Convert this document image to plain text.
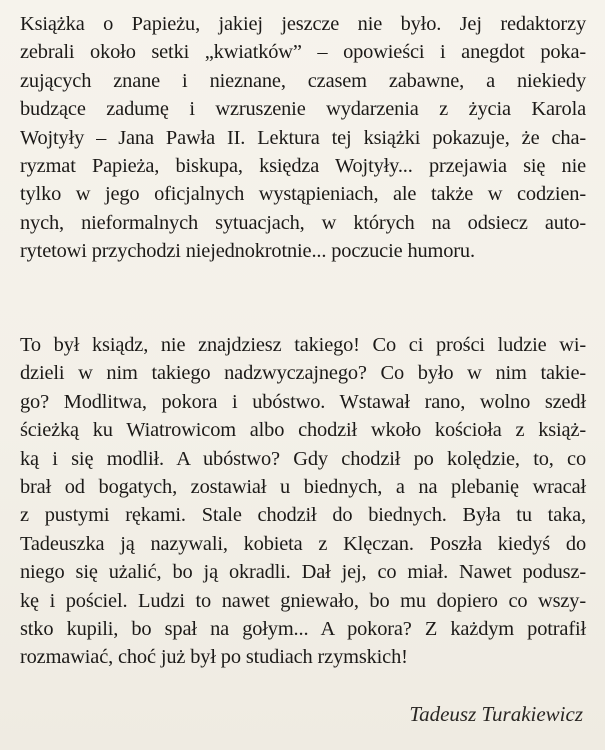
Książka o Papieżu, jakiej jeszcze nie było. Jej redaktorzy
zebrali około setki „kwiatków” – opowieści i anegdot poka-
zujących znane i nieznane, czasem zabawne, a niekiedy
budzące zadumę i wzruszenie wydarzenia z życia Karola
Wojtyły – Jana Pawła II. Lektura tej książki pokazuje, że cha-
ryzmat Papieża, biskupa, księdza Wojtyły... przejawia się nie
tylko w jego oficjalnych wystąpieniach, ale także w codzien-
nych, nieformalnych sytuacjach, w których na odsiecz auto-
rytetowi przychodzi niejednokrotnie... poczucie humoru.
To był ksiądz, nie znajdziesz takiego! Co ci prości ludzie wi-
dzieli w nim takiego nadzwyczajnego? Co było w nim takie-
go? Modlitwa, pokora i ubóstwo. Wstawał rano, wolno szedł
ścieżką ku Wiatrowicom albo chodził wkoło kościoła z książ-
ką i się modlił. A ubóstwo? Gdy chodził po kolędzie, to, co
brał od bogatych, zostawiał u biednych, a na plebanię wracał
z pustymi rękami. Stale chodził do biednych. Była tu taka,
Tadeuszka ją nazywali, kobieta z Klęczan. Poszła kiedyś do
niego się użalić, bo ją okradli. Dał jej, co miał. Nawet podusz-
kę i pościel. Ludzi to nawet gniewało, bo mu dopiero co wszy-
stko kupili, bo spał na gołym... A pokora? Z każdym potrafił
rozmawiać, choć już był po studiach rzymskich!
Tadeusz Turakiewicz
